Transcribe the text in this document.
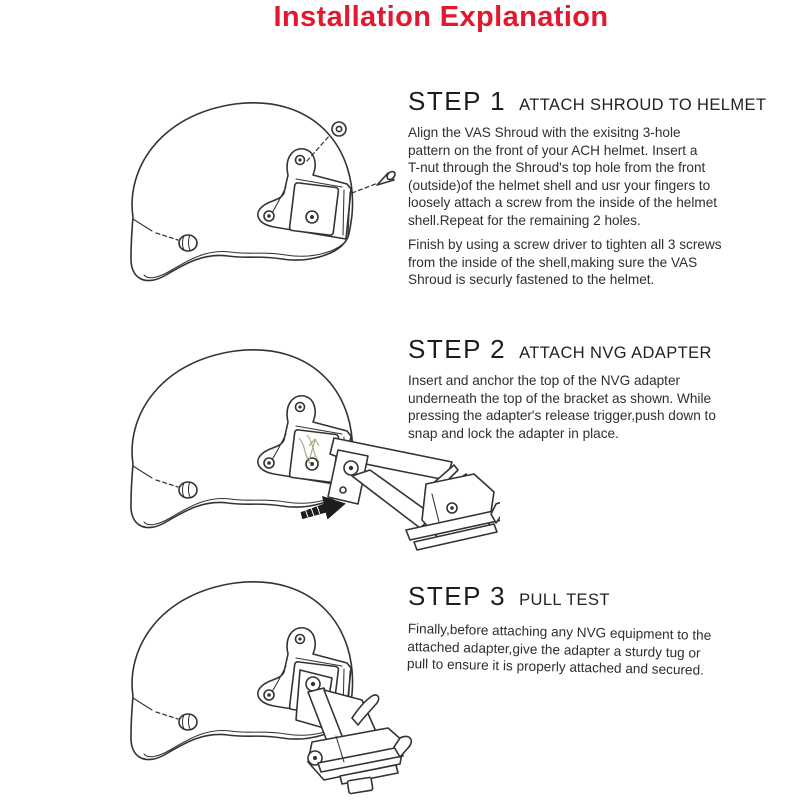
Installation Explanation
STEP 1 ATTACH SHROUD TO HELMET
Align the VAS Shroud with the exisitng 3-hole
pattern on the front of your ACH helmet. Insert a
T-nut through the Shroud's top hole from the front
(outside)of the helmet shell and usr your fingers to
loosely attach a screw from the inside of the helmet
shell.Repeat for the remaining 2 holes.
Finish by using a screw driver to tighten all 3 screws
from the inside of the shell,making sure the VAS
Shroud is securly fastened to the helmet.
STEP 2 ATTACH NVG ADAPTER
Insert and anchor the top of the NVG adapter
underneath the top of the bracket as shown. While
pressing the adapter's release trigger,push down to
snap and lock the adapter in place.
STEP 3 PULL TEST
Finally,before attaching any NVG equipment to the
attached adapter,give the adapter a sturdy tug or
pull to ensure it is properly attached and secured.
